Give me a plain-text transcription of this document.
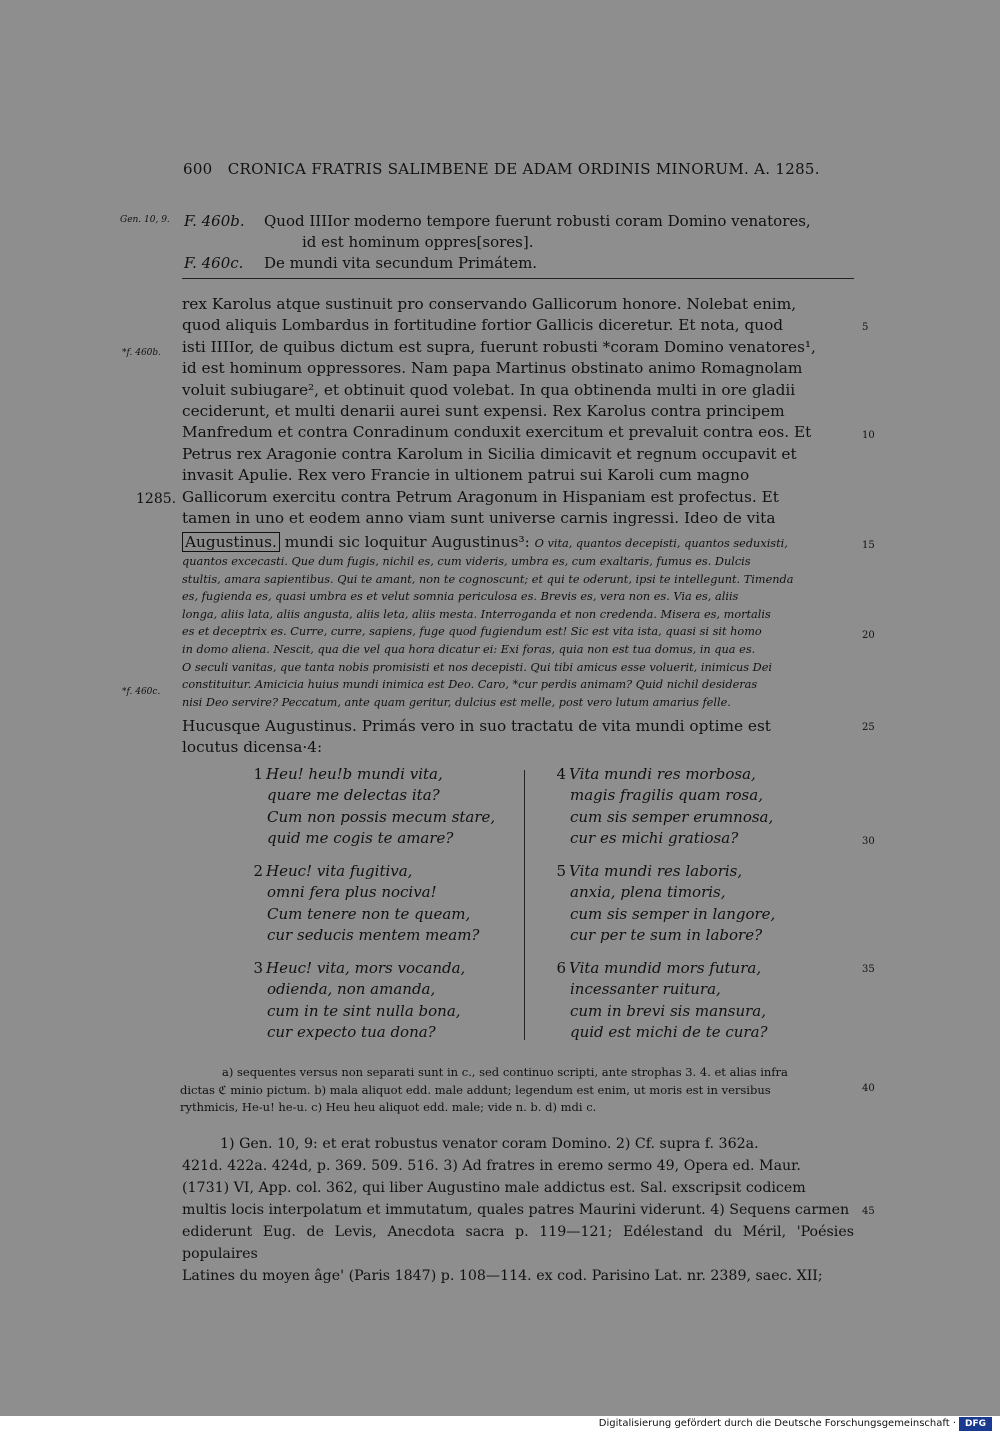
600 CRONICA FRATRIS SALIMBENE DE ADAM ORDINIS MINORUM. A. 1285.
Gen. 10, 9. F. 460b.	Quod IIIIor moderno tempore fuerunt robusti coram Domino venatores,
id est hominum oppres[sores].
F. 460c.	De mundi vita secundum Primátem.

rex Karolus atque sustinuit pro conservando Gallicorum honore. Nolebat enim,

quod aliquis Lombardus in fortitudine fortior Gallicis diceretur. Et nota, quod

isti IIIIor, de quibus dictum est supra, fuerunt robusti *coram Domino venatores¹,

id est hominum oppressores. Nam papa Martinus obstinato animo Romagnolam

voluit subiugare², et obtinuit quod volebat. In qua obtinenda multi in ore gladii

ceciderunt, et multi denarii aurei sunt expensi. Rex Karolus contra principem

Manfredum et contra Conradinum conduxit exercitum et prevaluit contra eos. Et

Petrus rex Aragonie contra Karolum in Sicilia dimicavit et regnum occupavit et

invasit Apulie. Rex vero Francie in ultionem patrui sui Karoli cum magno

Gallicorum exercitu contra Petrum Aragonum in Hispaniam est profectus. Et

tamen in uno et eodem anno viam sunt universe carnis ingressi. Ideo de vita

Augustinus. mundi sic loquitur Augustinus³: O vita, quantos decepisti, quantos seduxisti,
quantos excecasti. Que dum fugis, nichil es, cum videris, umbra es, cum exaltaris, fumus es. Dulcis
stultis, amara sapientibus. Qui te amant, non te cognoscunt; et qui te oderunt, ipsi te intellegunt. Timenda
es, fugienda es, quasi umbra es et velut somnia periculosa es. Brevis es, vera non es. Via es, aliis
longa, aliis lata, aliis angusta, aliis leta, aliis mesta. Interroganda et non credenda. Misera es, mortalis
es et deceptrix es. Curre, curre, sapiens, fuge quod fugiendum est! Sic est vita ista, quasi si sit homo
in domo aliena. Nescit, qua die vel qua hora dicatur ei: Exi foras, quia non est tua domus, in qua es.
O seculi vanitas, que tanta nobis promisisti et nos decepisti. Qui tibi amicus esse voluerit, inimicus Dei
constituitur. Amicicia huius mundi inimica est Deo. Caro, *cur perdis animam? Quid nichil desideras
nisi Deo servire? Peccatum, ante quam geritur, dulcius est melle, post vero lutum amarius felle.

Hucusque Augustinus. Primás vero in suo tractatu de vita mundi optime est

locutus dicensa·4:

*f. 460b.
1285.
*f. 460c.
5
10
15
20
25
30
35
40
45
1 Heu! heu!b mundi vita,
quare me delectas ita?
Cum non possis mecum stare,
quid me cogis te amare?
2 Heuc! vita fugitiva,
omni fera plus nociva!
Cum tenere non te queam,
cur seducis mentem meam?
3 Heuc! vita, mors vocanda,
odienda, non amanda,
cum in te sint nulla bona,
cur expecto tua dona?
4 Vita mundi res morbosa,
magis fragilis quam rosa,
cum sis semper erumnosa,
cur es michi gratiosa?
5 Vita mundi res laboris,
anxia, plena timoris,
cum sis semper in langore,
cur per te sum in labore?
6 Vita mundid mors futura,
incessanter ruitura,
cum in brevi sis mansura,
quid est michi de te cura?
a) sequentes versus non separati sunt in c., sed continuo scripti, ante strophas 3. 4. et alias infra
dictas ℭ minio pictum. b) mala aliquot edd. male addunt; legendum est enim, ut moris est in versibus
rythmicis, He-u! he-u. c) Heu heu aliquot edd. male; vide n. b. d) mdi c.
1) Gen. 10, 9: et erat robustus venator coram Domino. 2) Cf. supra f. 362a.
421d. 422a. 424d, p. 369. 509. 516. 3) Ad fratres in eremo sermo 49, Opera ed. Maur.
(1731) VI, App. col. 362, qui liber Augustino male addictus est. Sal. exscripsit codicem
multis locis interpolatum et immutatum, quales patres Maurini viderunt. 4) Sequens carmen
ediderunt Eug. de Levis, Anecdota sacra p. 119—121; Edélestand du Méril, 'Poésies populaires
Latines du moyen âge' (Paris 1847) p. 108—114. ex cod. Parisino Lat. nr. 2389, saec. XII;
Digitalisierung gefördert durch die Deutsche Forschungsgemeinschaft · DFG
